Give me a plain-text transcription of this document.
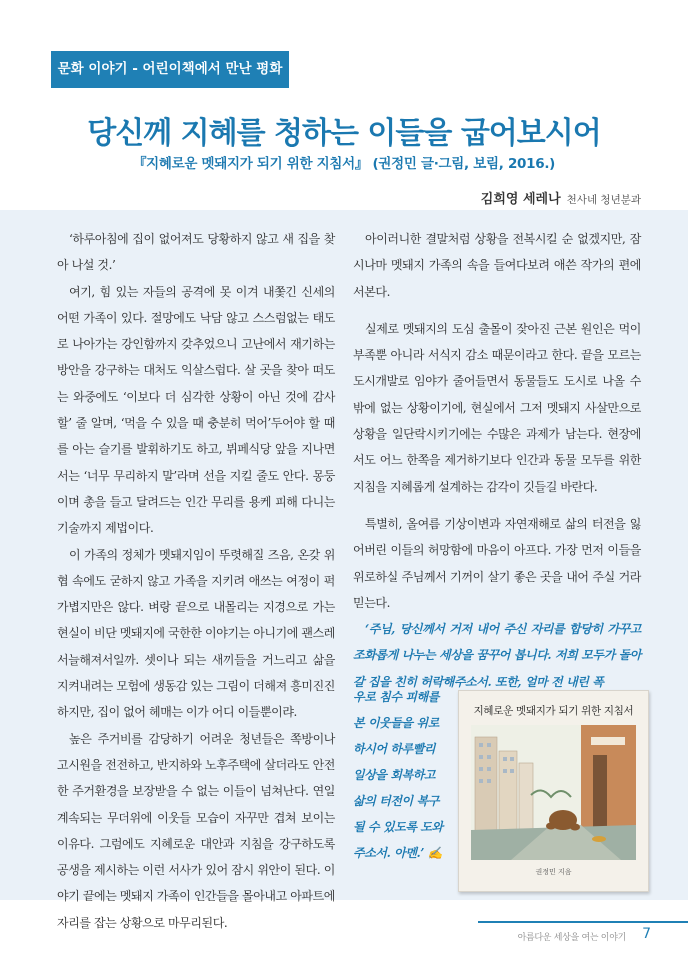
문화 이야기 - 어린이책에서 만난 평화
당신께 지혜를 청하는 이들을 굽어보시어
『지혜로운 멧돼지가 되기 위한 지침서』 (권정민 글·그림, 보림, 2016.)
김희영 세레나 천사네 청년분과

‘하루아침에 집이 없어져도 당황하지 않고 새 집을 찾아 나설 것.’

여기, 힘 있는 자들의 공격에 못 이겨 내쫓긴 신세의 어떤 가족이 있다. 절망에도 낙담 않고 스스럼없는 태도로 나아가는 강인함까지 갖추었으니 고난에서 재기하는 방안을 강구하는 대처도 익살스럽다. 살 곳을 찾아 떠도는 와중에도 ‘이보다 더 심각한 상황이 아닌 것에 감사할’ 줄 알며, ‘먹을 수 있을 때 충분히 먹어’두어야 할 때를 아는 슬기를 발휘하기도 하고, 뷔페식당 앞을 지나면서는 ‘너무 무리하지 말’라며 선을 지킬 줄도 안다. 몽둥이며 총을 들고 달려드는 인간 무리를 용케 피해 다니는 기술까지 제법이다.

이 가족의 정체가 멧돼지임이 뚜렷해질 즈음, 온갖 위협 속에도 굳하지 않고 가족을 지키려 애쓰는 여정이 퍽 가볍지만은 않다. 벼랑 끝으로 내몰리는 지경으로 가는 현실이 비단 멧돼지에 국한한 이야기는 아니기에 괜스레 서늘해져서일까. 셋이나 되는 새끼들을 거느리고 삶을 지켜내려는 모험에 생동감 있는 그림이 더해져 흥미진진하지만, 집이 없어 헤매는 이가 어디 이들뿐이랴.

높은 주거비를 감당하기 어려운 청년들은 쪽방이나 고시원을 전전하고, 반지하와 노후주택에 살더라도 안전한 주거환경을 보장받을 수 없는 이들이 넘쳐난다. 연일 계속되는 무더위에 이웃들 모습이 자꾸만 겹쳐 보이는 이유다. 그럼에도 지혜로운 대안과 지침을 강구하도록 공생을 제시하는 이런 서사가 있어 잠시 위안이 된다. 이야기 끝에는 멧돼지 가족이 인간들을 몰아내고 아파트에 자리를 잡는 상황으로 마무리된다.

아이러니한 결말처럼 상황을 전복시킬 순 없겠지만, 잠시나마 멧돼지 가족의 속을 들여다보려 애쓴 작가의 편에 서본다.

실제로 멧돼지의 도심 출몰이 잦아진 근본 원인은 먹이 부족뿐 아니라 서식지 감소 때문이라고 한다. 끝을 모르는 도시개발로 임야가 줄어들면서 동물들도 도시로 나올 수밖에 없는 상황이기에, 현실에서 그저 멧돼지 사살만으로 상황을 일단락시키기에는 수많은 과제가 남는다. 현장에서도 어느 한쪽을 제거하기보다 인간과 동물 모두를 위한 지침을 지혜롭게 설계하는 감각이 깃들길 바란다.

특별히, 올여름 기상이변과 자연재해로 삶의 터전을 잃어버린 이들의 허망함에 마음이 아프다. 가장 먼저 이들을 위로하실 주님께서 기꺼이 살기 좋은 곳을 내어 주실 거라 믿는다.

‘주님, 당신께서 거저 내어 주신 자리를 합당히 가꾸고 조화롭게 나누는 세상을 꿈꾸어 봅니다. 저희 모두가 돌아갈 집을 친히 허락해주소서. 또한, 얼마 전 내린 폭

우로 침수 피해를 본 이웃들을 위로하시어 하루빨리 일상을 회복하고 삶의 터전이 복구될 수 있도록 도와주소서. 아멘.’ ✍
지혜로운 멧돼지가 되기 위한 지침서
권정민 지음
아름다운 세상을 여는 이야기 7
